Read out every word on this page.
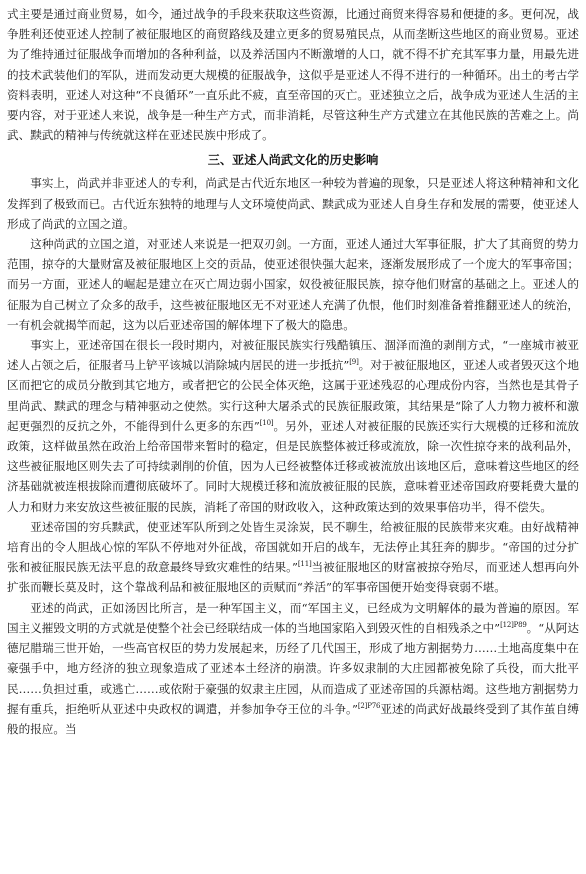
式主要是通过商业贸易，如今，通过战争的手段来获取这些资源，比通过商贸来得容易和便捷的多。更何况，战争胜利还使亚述人控制了被征服地区的商贸路线及建立更多的贸易殖民点，从而垄断这些地区的商业贸易。亚述为了维持通过征服战争而增加的各种利益，以及养活国内不断激增的人口，就不得不扩充其军事力量，用最先进的技术武装他们的军队，进而发动更大规模的征服战争，这似乎是亚述人不得不进行的一种循环。出土的考古学资料表明，亚述人对这种“不良循环”一直乐此不疲，直至帝国的灭亡。亚述独立之后，战争成为亚述人生活的主要内容，对于亚述人来说，战争是一种生产方式，而非消耗，尽管这种生产方式建立在其他民族的苦难之上。尚武、黩武的精神与传统就这样在亚述民族中形成了。

三、亚述人尚武文化的历史影响

事实上，尚武并非亚述人的专利，尚武是古代近东地区一种较为普遍的现象，只是亚述人将这种精神和文化发挥到了极致而已。古代近东独特的地理与人文环境使尚武、黩武成为亚述人自身生存和发展的需要，使亚述人形成了尚武的立国之道。

这种尚武的立国之道，对亚述人来说是一把双刃剑。一方面，亚述人通过大军事征服，扩大了其商贸的势力范围，掠夺的大量财富及被征服地区上交的贡品，使亚述很快强大起来，逐渐发展形成了一个庞大的军事帝国；而另一方面，亚述人的崛起是建立在灭亡周边弱小国家，奴役被征服民族，掠夺他们财富的基础之上。亚述人的征服为自己树立了众多的敌手，这些被征服地区无不对亚述人充满了仇恨，他们时刻准备着推翻亚述人的统治，一有机会就揭竿而起，这为以后亚述帝国的解体埋下了极大的隐患。

事实上，亚述帝国在很长一段时期内，对被征服民族实行残酷镇压、涸泽而渔的剥削方式，“一座城市被亚述人占领之后，征服者马上铲平该城以消除城内居民的进一步抵抗”[9]。对于被征服地区，亚述人或者毁灭这个地区而把它的成员分散到其它地方，或者把它的公民全体灭绝，这属于亚述残忍的心理成份内容，当然也是其骨子里尚武、黩武的理念与精神驱动之使然。实行这种大屠杀式的民族征服政策，其结果是“除了人力物力被杯和激起更强烈的反抗之外，不能得到什么更多的东西”[10]。另外，亚述人对被征服的民族还实行大规模的迁移和流放政策，这样做虽然在政治上给帝国带来暂时的稳定，但是民族整体被迁移或流放，除一次性掠夺来的战利品外，这些被征服地区则失去了可持续剥削的价值，因为人已经被整体迁移或被流放出该地区后，意味着这些地区的经济基础就被连根拔除而遭彻底破坏了。同时大规模迁移和流放被征服的民族，意味着亚述帝国政府要耗费大量的人力和财力来安放这些被征服的民族，消耗了帝国的财政收入，这种政策达到的效果事倍功半，得不偿失。

亚述帝国的穷兵黩武，使亚述军队所到之处皆生灵涂炭，民不聊生，给被征服的民族带来灾难。由好战精神培育出的令人胆战心惊的军队不停地对外征战，帝国就如开启的战车，无法停止其狂奔的脚步。“帝国的过分扩张和被征服民族无法平息的敌意最终导致灾难性的结果。”[11]当被征服地区的财富被掠夺殆尽，而亚述人想再向外扩张而鞭长莫及时，这个靠战利品和被征服地区的贡赋而“养活”的军事帝国便开始变得衰弱不堪。

亚述的尚武，正如汤因比所言，是一种军国主义，而“军国主义，已经成为文明解体的最为普遍的原因。军国主义摧毁文明的方式就是使整个社会已经联结成一体的当地国家陷入到毁灭性的自相残杀之中”$^{[12]P89}$。“从阿达德尼腊瑞三世开始，一些高官权臣的势力发展起来，历经了几代国王，形成了地方割据势力……土地高度集中在豪强手中，地方经济的独立现象造成了亚述本土经济的崩溃。许多奴隶制的大庄园都被免除了兵役，而大批平民……负担过重，或逃亡……或依附于豪强的奴隶主庄园，从而造成了亚述帝国的兵源枯竭。这些地方割据势力握有重兵，拒绝听从亚述中央政权的调遣，并参加争夺王位的斗争。”$^{[2]P76}$亚述的尚武好战最终受到了其作茧自缚般的报应。当
